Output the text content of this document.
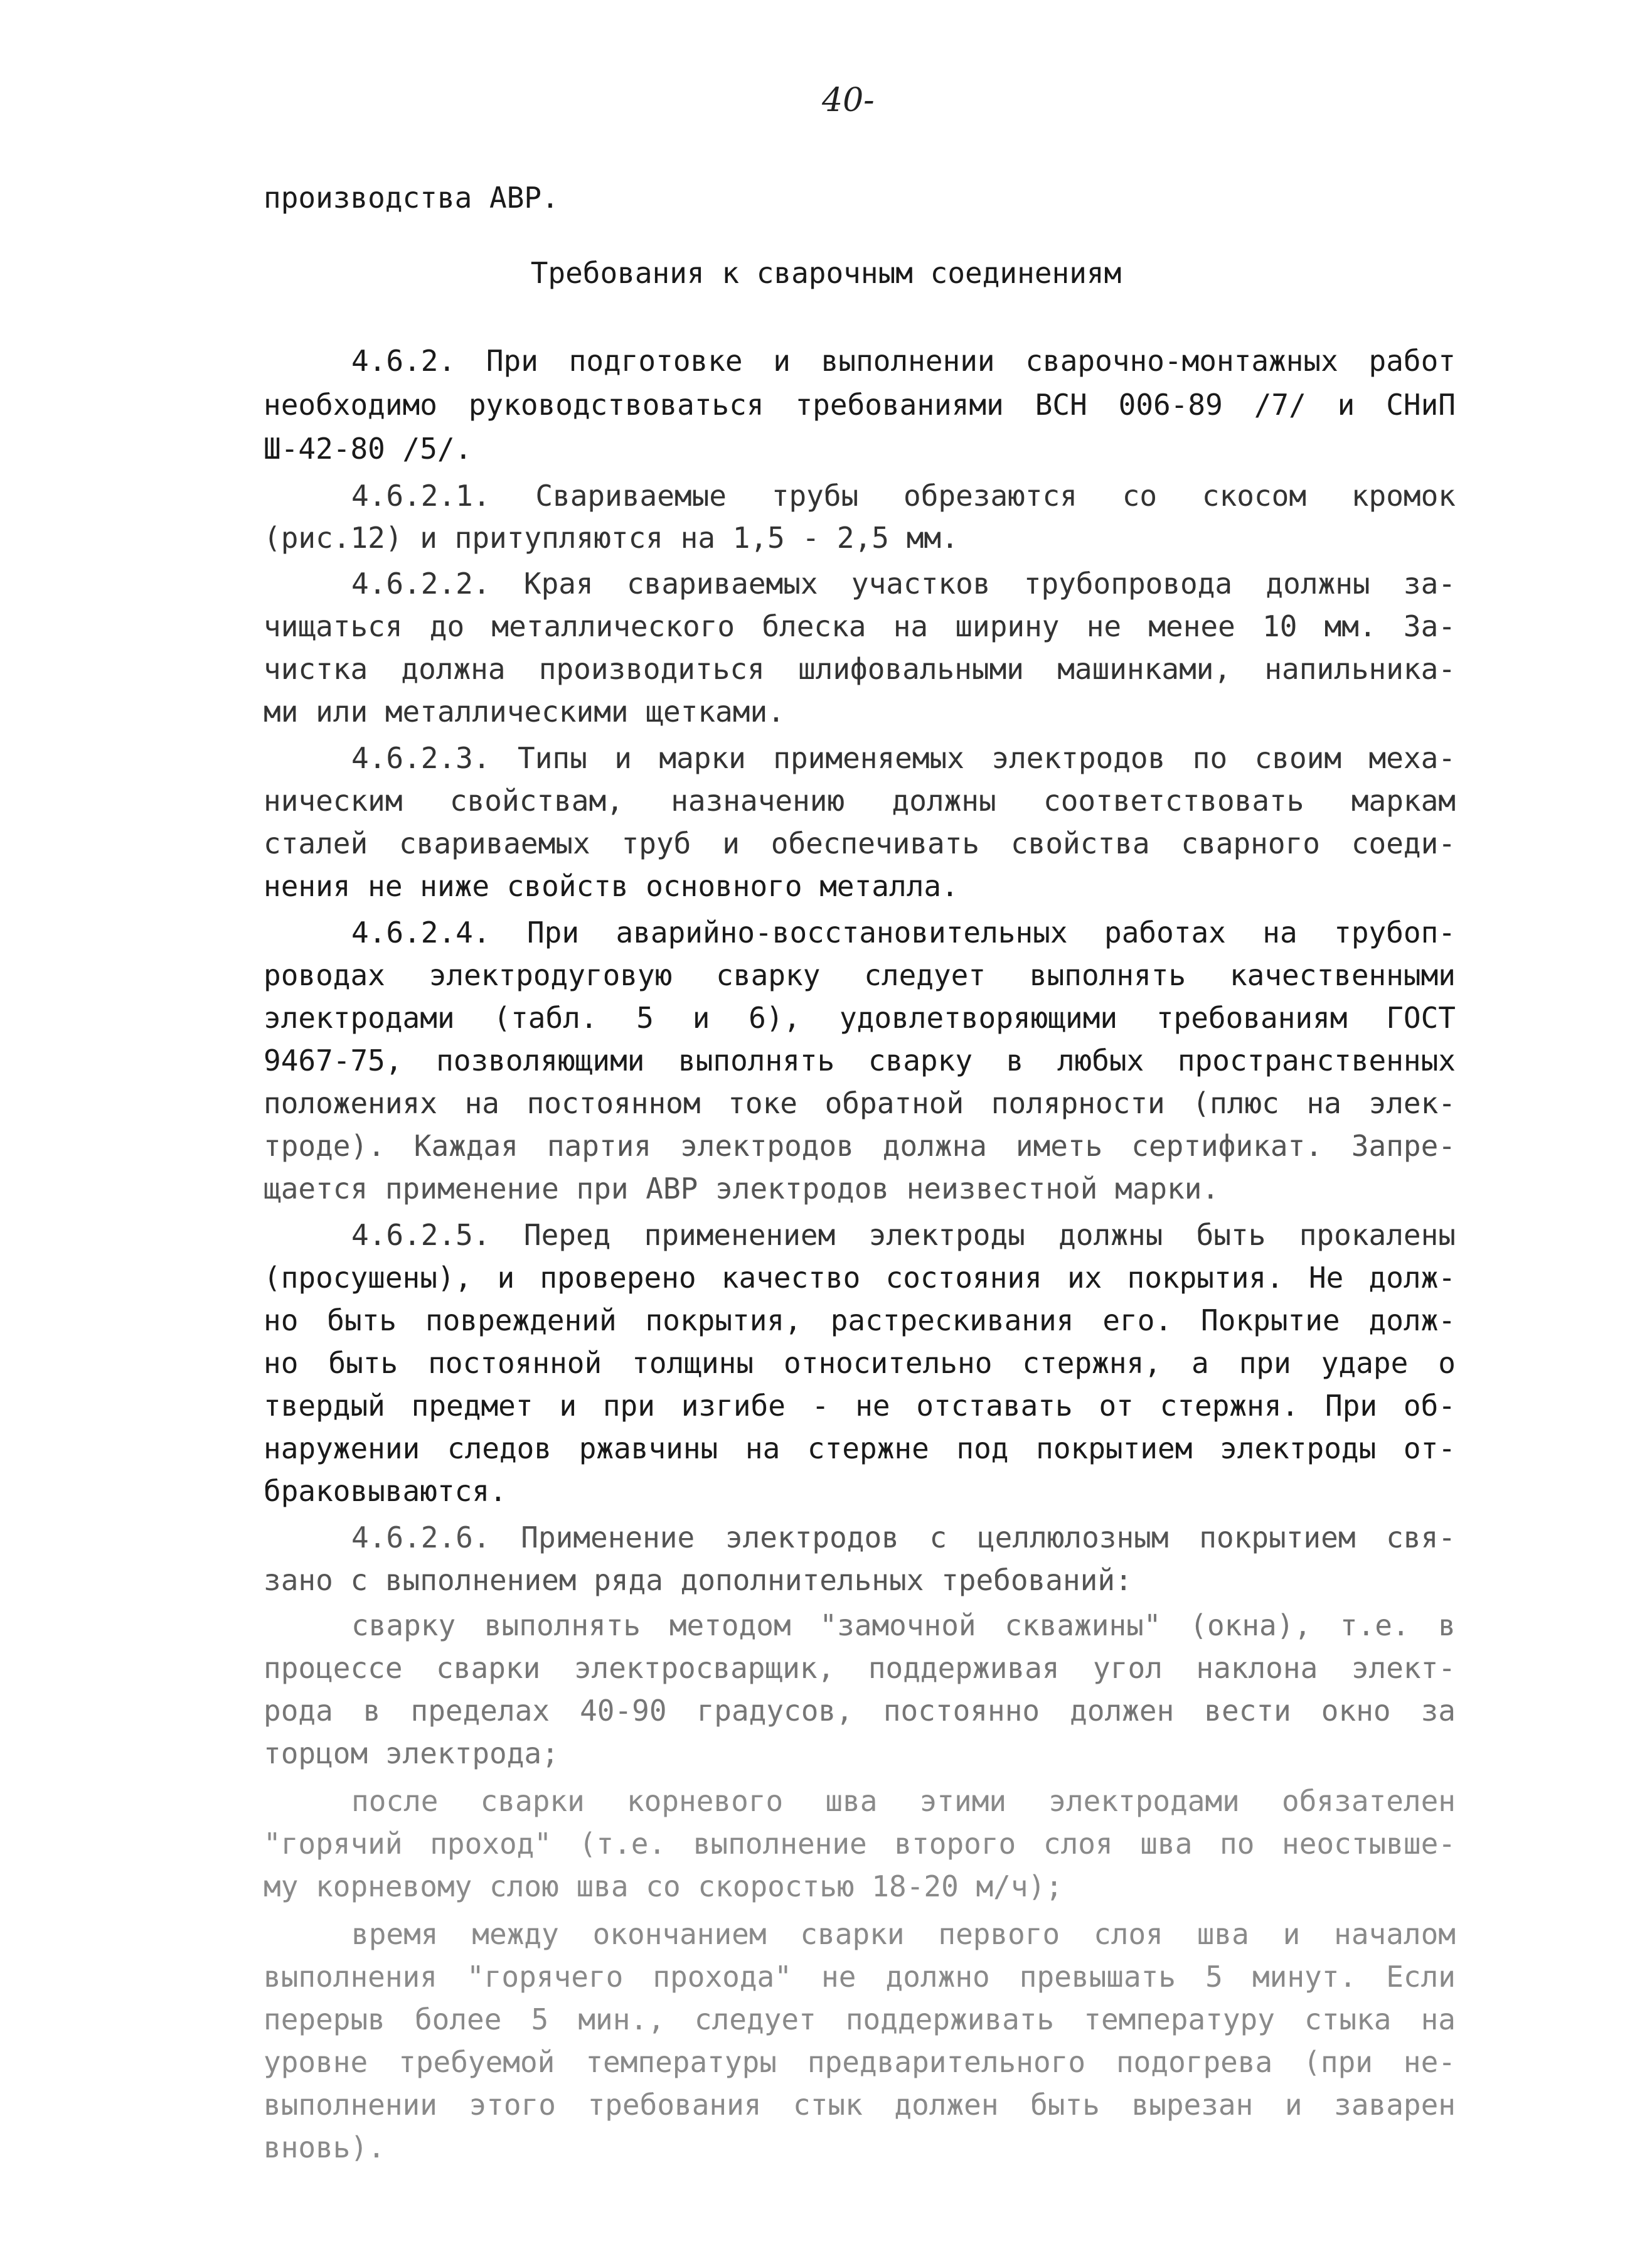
40-
производства АВР.
Требования к сварочным соединениям
4.6.2. При подготовке и выполнении сварочно-монтажных работ
необходимо руководствоваться требованиями ВСН 006-89 /7/ и СНиП
Ш-42-80 /5/.
4.6.2.1. Свариваемые трубы обрезаются со скосом кромок
(рис.12) и притупляются на 1,5 - 2,5 мм.
4.6.2.2. Края свариваемых участков трубопровода должны за-
чищаться до металлического блеска на ширину не менее 10 мм. За-
чистка должна производиться шлифовальными машинками, напильника-
ми или металлическими щетками.
4.6.2.3. Типы и марки применяемых электродов по своим меха-
ническим свойствам, назначению должны соответствовать маркам
сталей свариваемых труб и обеспечивать свойства сварного соеди-
нения не ниже свойств основного металла.
4.6.2.4. При аварийно-восстановительных работах на трубоп-
роводах электродуговую сварку следует выполнять качественными
электродами (табл. 5 и 6), удовлетворяющими требованиям ГОСТ
9467-75, позволяющими выполнять сварку в любых пространственных
положениях на постоянном токе обратной полярности (плюс на элек-
троде). Каждая партия электродов должна иметь сертификат. Запре-
щается применение при АВР электродов неизвестной марки.
4.6.2.5. Перед применением электроды должны быть прокалены
(просушены), и проверено качество состояния их покрытия. Не долж-
но быть повреждений покрытия, растрескивания его. Покрытие долж-
но быть постоянной толщины относительно стержня, а при ударе о
твердый предмет и при изгибе - не отставать от стержня. При об-
наружении следов ржавчины на стержне под покрытием электроды от-
браковываются.
4.6.2.6. Применение электродов с целлюлозным покрытием свя-
зано с выполнением ряда дополнительных требований:
сварку выполнять методом "замочной скважины" (окна), т.е. в
процессе сварки электросварщик, поддерживая угол наклона элект-
рода в пределах 40-90 градусов, постоянно должен вести окно за
торцом электрода;
после сварки корневого шва этими электродами обязателен
"горячий проход" (т.е. выполнение второго слоя шва по неостывше-
му корневому слою шва со скоростью 18-20 м/ч);
время между окончанием сварки первого слоя шва и началом
выполнения "горячего прохода" не должно превышать 5 минут. Если
перерыв более 5 мин., следует поддерживать температуру стыка на
уровне требуемой температуры предварительного подогрева (при не-
выполнении этого требования стык должен быть вырезан и заварен
вновь).
